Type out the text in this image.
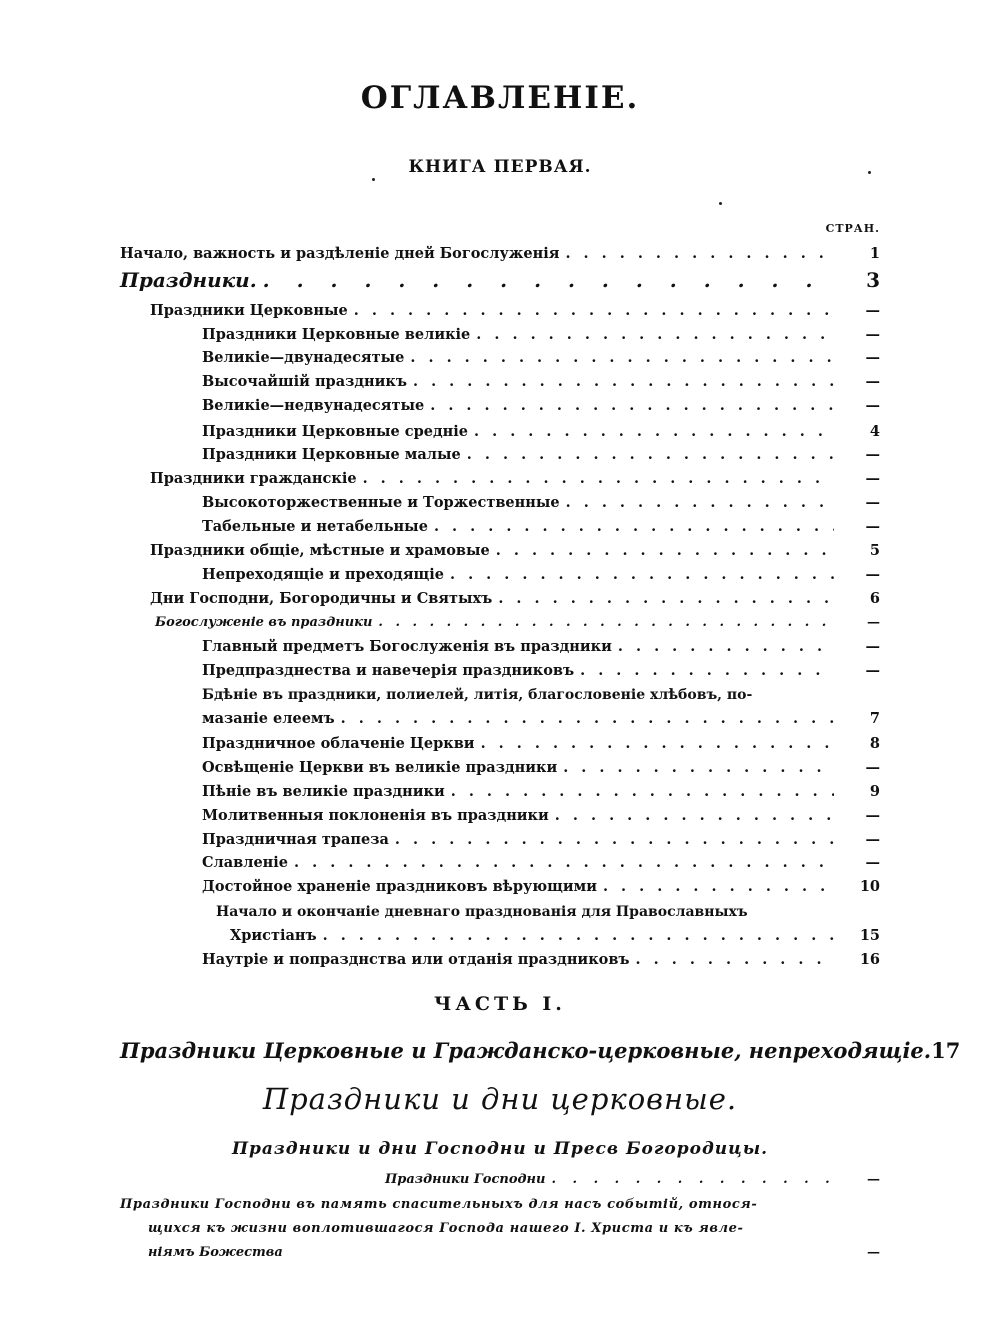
ОГЛАВЛЕНІЕ.
КНИГА ПЕРВАЯ.
СТРАН.
Начало, важность и раздѣленіе дней Богослуженія . . .	1
Праздники. . . .	3
Праздники Церковные . . .	—
Праздники Церковные великіе . . .	—
Великіе—двунадесятые . . .	—
Высочайшій праздникъ . . .	—
Великіе—недвунадесятые . . .	—
Праздники Церковные средніе . . .	4
Праздники Церковные малые . . .	—
Праздники гражданскіе . . .	—
Высокоторжественные и Торжественные . . .	—
Табельные и нетабельные . . .	—
Праздники общіе, мѣстные и храмовые . . .	5
Непреходящіе и преходящіе . . .	—
Дни Господни, Богородичны и Святыхъ . . .	6
Богослуженіе въ праздники . . .	—
Главный предметъ Богослуженія въ праздники . . .	—
Предпразднества и навечерія праздниковъ . . .	—
Бдѣніе въ праздники, полиелей, литія, благословеніе хлѣбовъ, по-
мазаніе елеемъ . . .	7
Праздничное облаченіе Церкви . . .	8
Освѣщеніе Церкви въ великіе праздники . . .	—
Пѣніе въ великіе праздники . . .	9
Молитвенныя поклоненія въ праздники . . .	—
Праздничная трапеза . . .	—
Славленіе . . .	—
Достойное храненіе праздниковъ вѣрующими . . .	10
Начало и окончаніе дневнаго празднованія для Православныхъ
Христіанъ . . .	15
Наутріе и попразднства или отданія праздниковъ . . .	16
ЧАСТЬ I.
Праздники Церковные и Гражданско-церковные, непреходящіе. 17
Праздники и дни церковные.
Праздники и дни Господни и Пресв Богородицы.
Праздники Господни . . .	—
Праздники Господни въ память спасительныхъ для насъ событій, относя-
щихся къ жизни воплотившагося Господа нашего І. Христа и къ явле-
ніямъ Божества	—
